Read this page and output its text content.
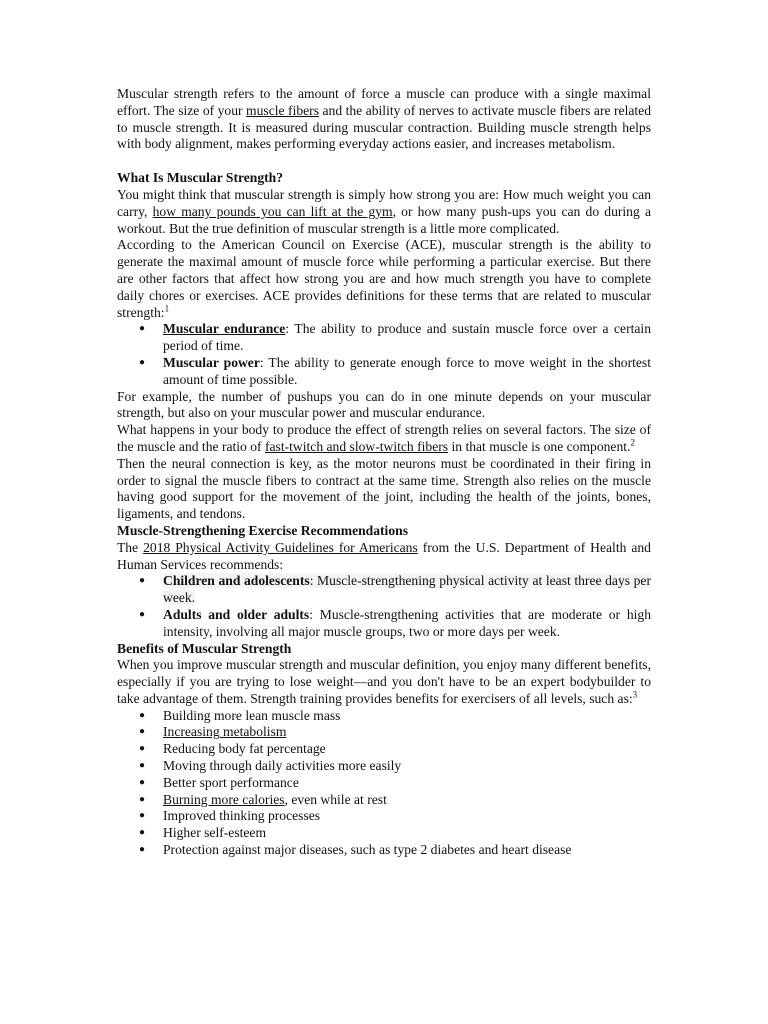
Muscular strength refers to the amount of force a muscle can produce with a single maximal effort. The size of your muscle fibers and the ability of nerves to activate muscle fibers are related to muscle strength. It is measured during muscular contraction. Building muscle strength helps with body alignment, makes performing everyday actions easier, and increases metabolism.

What Is Muscular Strength?

You might think that muscular strength is simply how strong you are: How much weight you can carry, how many pounds you can lift at the gym, or how many push-ups you can do during a workout. But the true definition of muscular strength is a little more complicated.

According to the American Council on Exercise (ACE), muscular strength is the ability to generate the maximal amount of muscle force while performing a particular exercise. But there are other factors that affect how strong you are and how much strength you have to complete daily chores or exercises. ACE provides definitions for these terms that are related to muscular strength:$^1$

● Muscular endurance: The ability to produce and sustain muscle force over a certain period of time.
● Muscular power: The ability to generate enough force to move weight in the shortest amount of time possible.

For example, the number of pushups you can do in one minute depends on your muscular strength, but also on your muscular power and muscular endurance.

What happens in your body to produce the effect of strength relies on several factors. The size of the muscle and the ratio of fast-twitch and slow-twitch fibers in that muscle is one component.$^2$

Then the neural connection is key, as the motor neurons must be coordinated in their firing in order to signal the muscle fibers to contract at the same time. Strength also relies on the muscle having good support for the movement of the joint, including the health of the joints, bones, ligaments, and tendons.

Muscle-Strengthening Exercise Recommendations

The 2018 Physical Activity Guidelines for Americans from the U.S. Department of Health and Human Services recommends:

● Children and adolescents: Muscle-strengthening physical activity at least three days per week.
● Adults and older adults: Muscle-strengthening activities that are moderate or high intensity, involving all major muscle groups, two or more days per week.
Benefits of Muscular Strength

When you improve muscular strength and muscular definition, you enjoy many different benefits, especially if you are trying to lose weight—and you don't have to be an expert bodybuilder to take advantage of them. Strength training provides benefits for exercisers of all levels, such as:$^3$

● Building more lean muscle mass
● Increasing metabolism
● Reducing body fat percentage
● Moving through daily activities more easily
● Better sport performance
● Burning more calories, even while at rest
● Improved thinking processes
● Higher self-esteem
● Protection against major diseases, such as type 2 diabetes and heart disease
